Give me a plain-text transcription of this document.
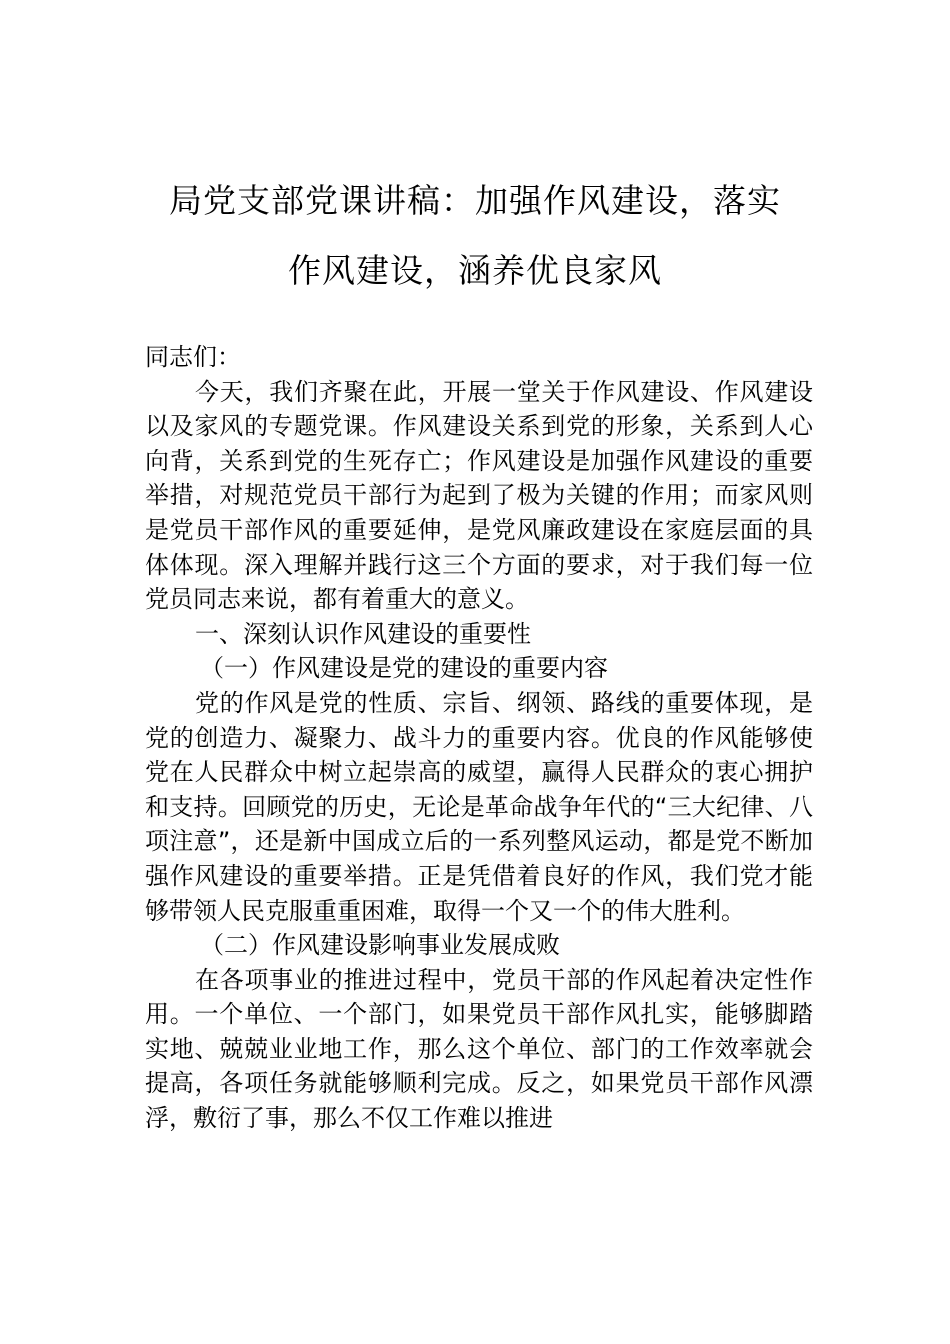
局党支部党课讲稿：加强作风建设，落实
作风建设，涵养优良家风

同志们：

今天，我们齐聚在此，开展一堂关于作风建设、作风建设以及家风的专题党课。作风建设关系到党的形象，关系到人心向背，关系到党的生死存亡；作风建设是加强作风建设的重要举措，对规范党员干部行为起到了极为关键的作用；而家风则是党员干部作风的重要延伸，是党风廉政建设在家庭层面的具体体现。深入理解并践行这三个方面的要求，对于我们每一位党员同志来说，都有着重大的意义。

一、深刻认识作风建设的重要性

（一）作风建设是党的建设的重要内容

党的作风是党的性质、宗旨、纲领、路线的重要体现，是党的创造力、凝聚力、战斗力的重要内容。优良的作风能够使党在人民群众中树立起崇高的威望，赢得人民群众的衷心拥护和支持。回顾党的历史，无论是革命战争年代的“三大纪律、八项注意”，还是新中国成立后的一系列整风运动，都是党不断加强作风建设的重要举措。正是凭借着良好的作风，我们党才能够带领人民克服重重困难，取得一个又一个的伟大胜利。

（二）作风建设影响事业发展成败

在各项事业的推进过程中，党员干部的作风起着决定性作用。一个单位、一个部门，如果党员干部作风扎实，能够脚踏实地、兢兢业业地工作，那么这个单位、部门的工作效率就会提高，各项任务就能够顺利完成。反之，如果党员干部作风漂浮，敷衍了事，那么不仅工作难以推进
